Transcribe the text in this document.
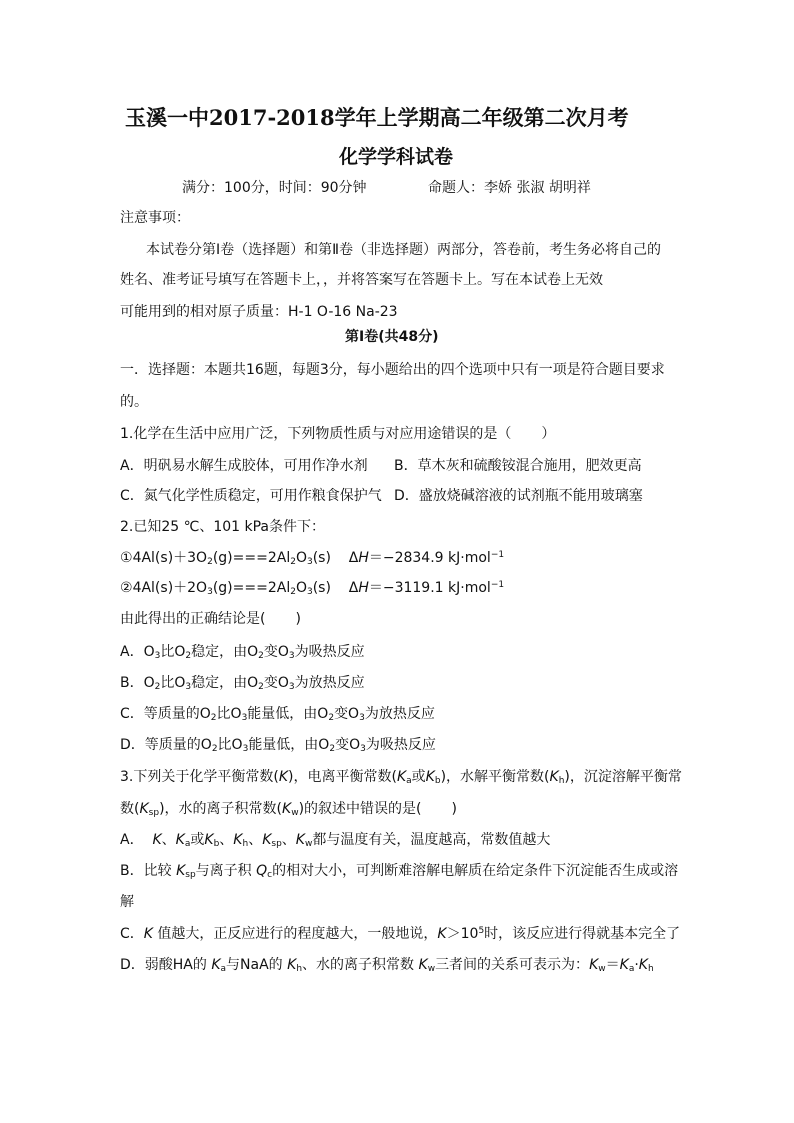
玉溪一中2017-2018学年上学期高二年级第二次月考
化学学科试卷
满分：100分，时间：90分钟	命题人：李娇 张淑 胡明祥
注意事项：
本试卷分第Ⅰ卷（选择题）和第Ⅱ卷（非选择题）两部分，答卷前，考生务必将自己的
姓名、准考证号填写在答题卡上，，并将答案写在答题卡上。写在本试卷上无效
可能用到的相对原子质量：H-1 O-16 Na-23
第Ⅰ卷(共48分)
一．选择题：本题共16题，每题3分，每小题给出的四个选项中只有一项是符合题目要求
的。
1.化学在生活中应用广泛，下列物质性质与对应用途错误的是（ ）
A．明矾易水解生成胶体，可用作净水剂 B．草木灰和硫酸铵混合施用，肥效更高
C．氮气化学性质稳定，可用作粮食保护气 D．盛放烧碱溶液的试剂瓶不能用玻璃塞
2.已知25 ℃、101 kPa条件下：
$①4Al(s)+3O_2(g)===2Al_2O_3(s)$    ΔH＝−2834.9 kJ·mol$^{-1}$
$②4Al(s)+2O_3(g)===2Al_2O_3(s)$    ΔH＝−3119.1 kJ·mol$^{-1}$
由此得出的正确结论是( )
A．$O_3$比$O_2$稳定，由$O_2$变$O_3$为吸热反应
B．$O_2$比$O_3$稳定，由$O_2$变$O_3$为放热反应
C．等质量的$O_2$比$O_3$能量低，由$O_2$变$O_3$为放热反应
D．等质量的$O_2$比$O_3$能量低，由$O_2$变$O_3$为吸热反应
3.下列关于化学平衡常数(K)，电离平衡常数($K_a$或$K_b$)，水解平衡常数$(K_h)$，沉淀溶解平衡常
数$(K_{sp})$，水的离子积常数$(K_w)$的叙述中错误的是( )
A． K、$K_a$或$K_b$、$K_h$、$K_{sp}$、$K_w$都与温度有关，温度越高，常数值越大
B．比较 $K_{sp}$与离子积 $Q_c$的相对大小，可判断难溶解电解质在给定条件下沉淀能否生成或溶
解
C．K 值越大，正反应进行的程度越大，一般地说，$K>10^5$时，该反应进行得就基本完全了
D．弱酸HA的 $K_a$与NaA的 $K_h$、水的离子积常数 $K_w$三者间的关系可表示为：$K_w=K_a\cdot K_h$
